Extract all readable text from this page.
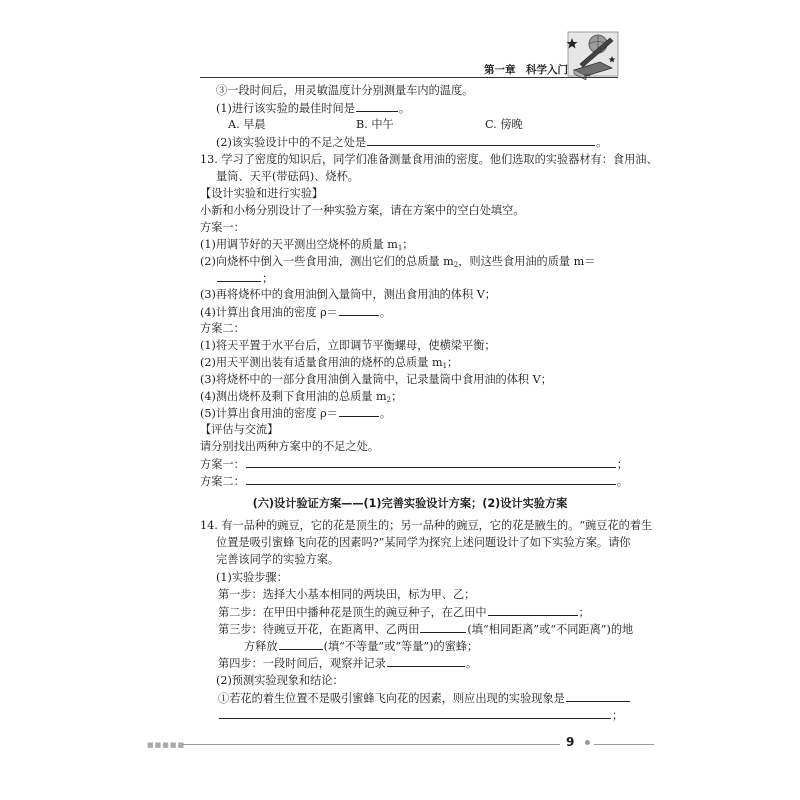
83
第一章　科学入门
③一段时间后，用灵敏温度计分别测量车内的温度。
(1)进行该实验的最佳时间是	。
A. 早晨	B. 中午	C. 傍晚
(2)该实验设计中的不足之处是	。
13. 学习了密度的知识后，同学们准备测量食用油的密度。他们选取的实验器材有：食用油、
量筒、天平(带砝码)、烧杯。
【设计实验和进行实验】
小新和小杨分别设计了一种实验方案，请在方案中的空白处填空。
方案一：
(1)用调节好的天平测出空烧杯的质量 $m_1$；
(2)向烧杯中倒入一些食用油，测出它们的总质量 $m_2$，则这些食用油的质量 m＝
；
(3)再将烧杯中的食用油倒入量筒中，测出食用油的体积 V；
(4)计算出食用油的密度 ρ＝	。
方案二：
(1)将天平置于水平台后，立即调节平衡螺母，使横梁平衡；
(2)用天平测出装有适量食用油的烧杯的总质量 $m_1$；
(3)将烧杯中的一部分食用油倒入量筒中，记录量筒中食用油的体积 V；
(4)测出烧杯及剩下食用油的总质量 $m_2$；
(5)计算出食用油的密度 ρ＝	。
【评估与交流】
请分别找出两种方案中的不足之处。
方案一：	；
方案二：	。
(六)设计验证方案——(1)完善实验设计方案；(2)设计实验方案
14. 有一品种的豌豆，它的花是顶生的；另一品种的豌豆，它的花是腋生的。“豌豆花的着生
位置是吸引蜜蜂飞向花的因素吗?”某同学为探究上述问题设计了如下实验方案。请你
完善该同学的实验方案。
(1)实验步骤：
第一步：选择大小基本相同的两块田，标为甲、乙；
第二步：在甲田中播种花是顶生的豌豆种子，在乙田中	；
第三步：待豌豆开花，在距离甲、乙两田	(填“相同距离”或“不同距离”)的地
方释放	(填“不等量”或“等量”)的蜜蜂；
第四步：一段时间后，观察并记录	。
(2)预测实验现象和结论：
①若花的着生位置不是吸引蜜蜂飞向花的因素，则应出现的实验现象是
；
■■■■■	9
